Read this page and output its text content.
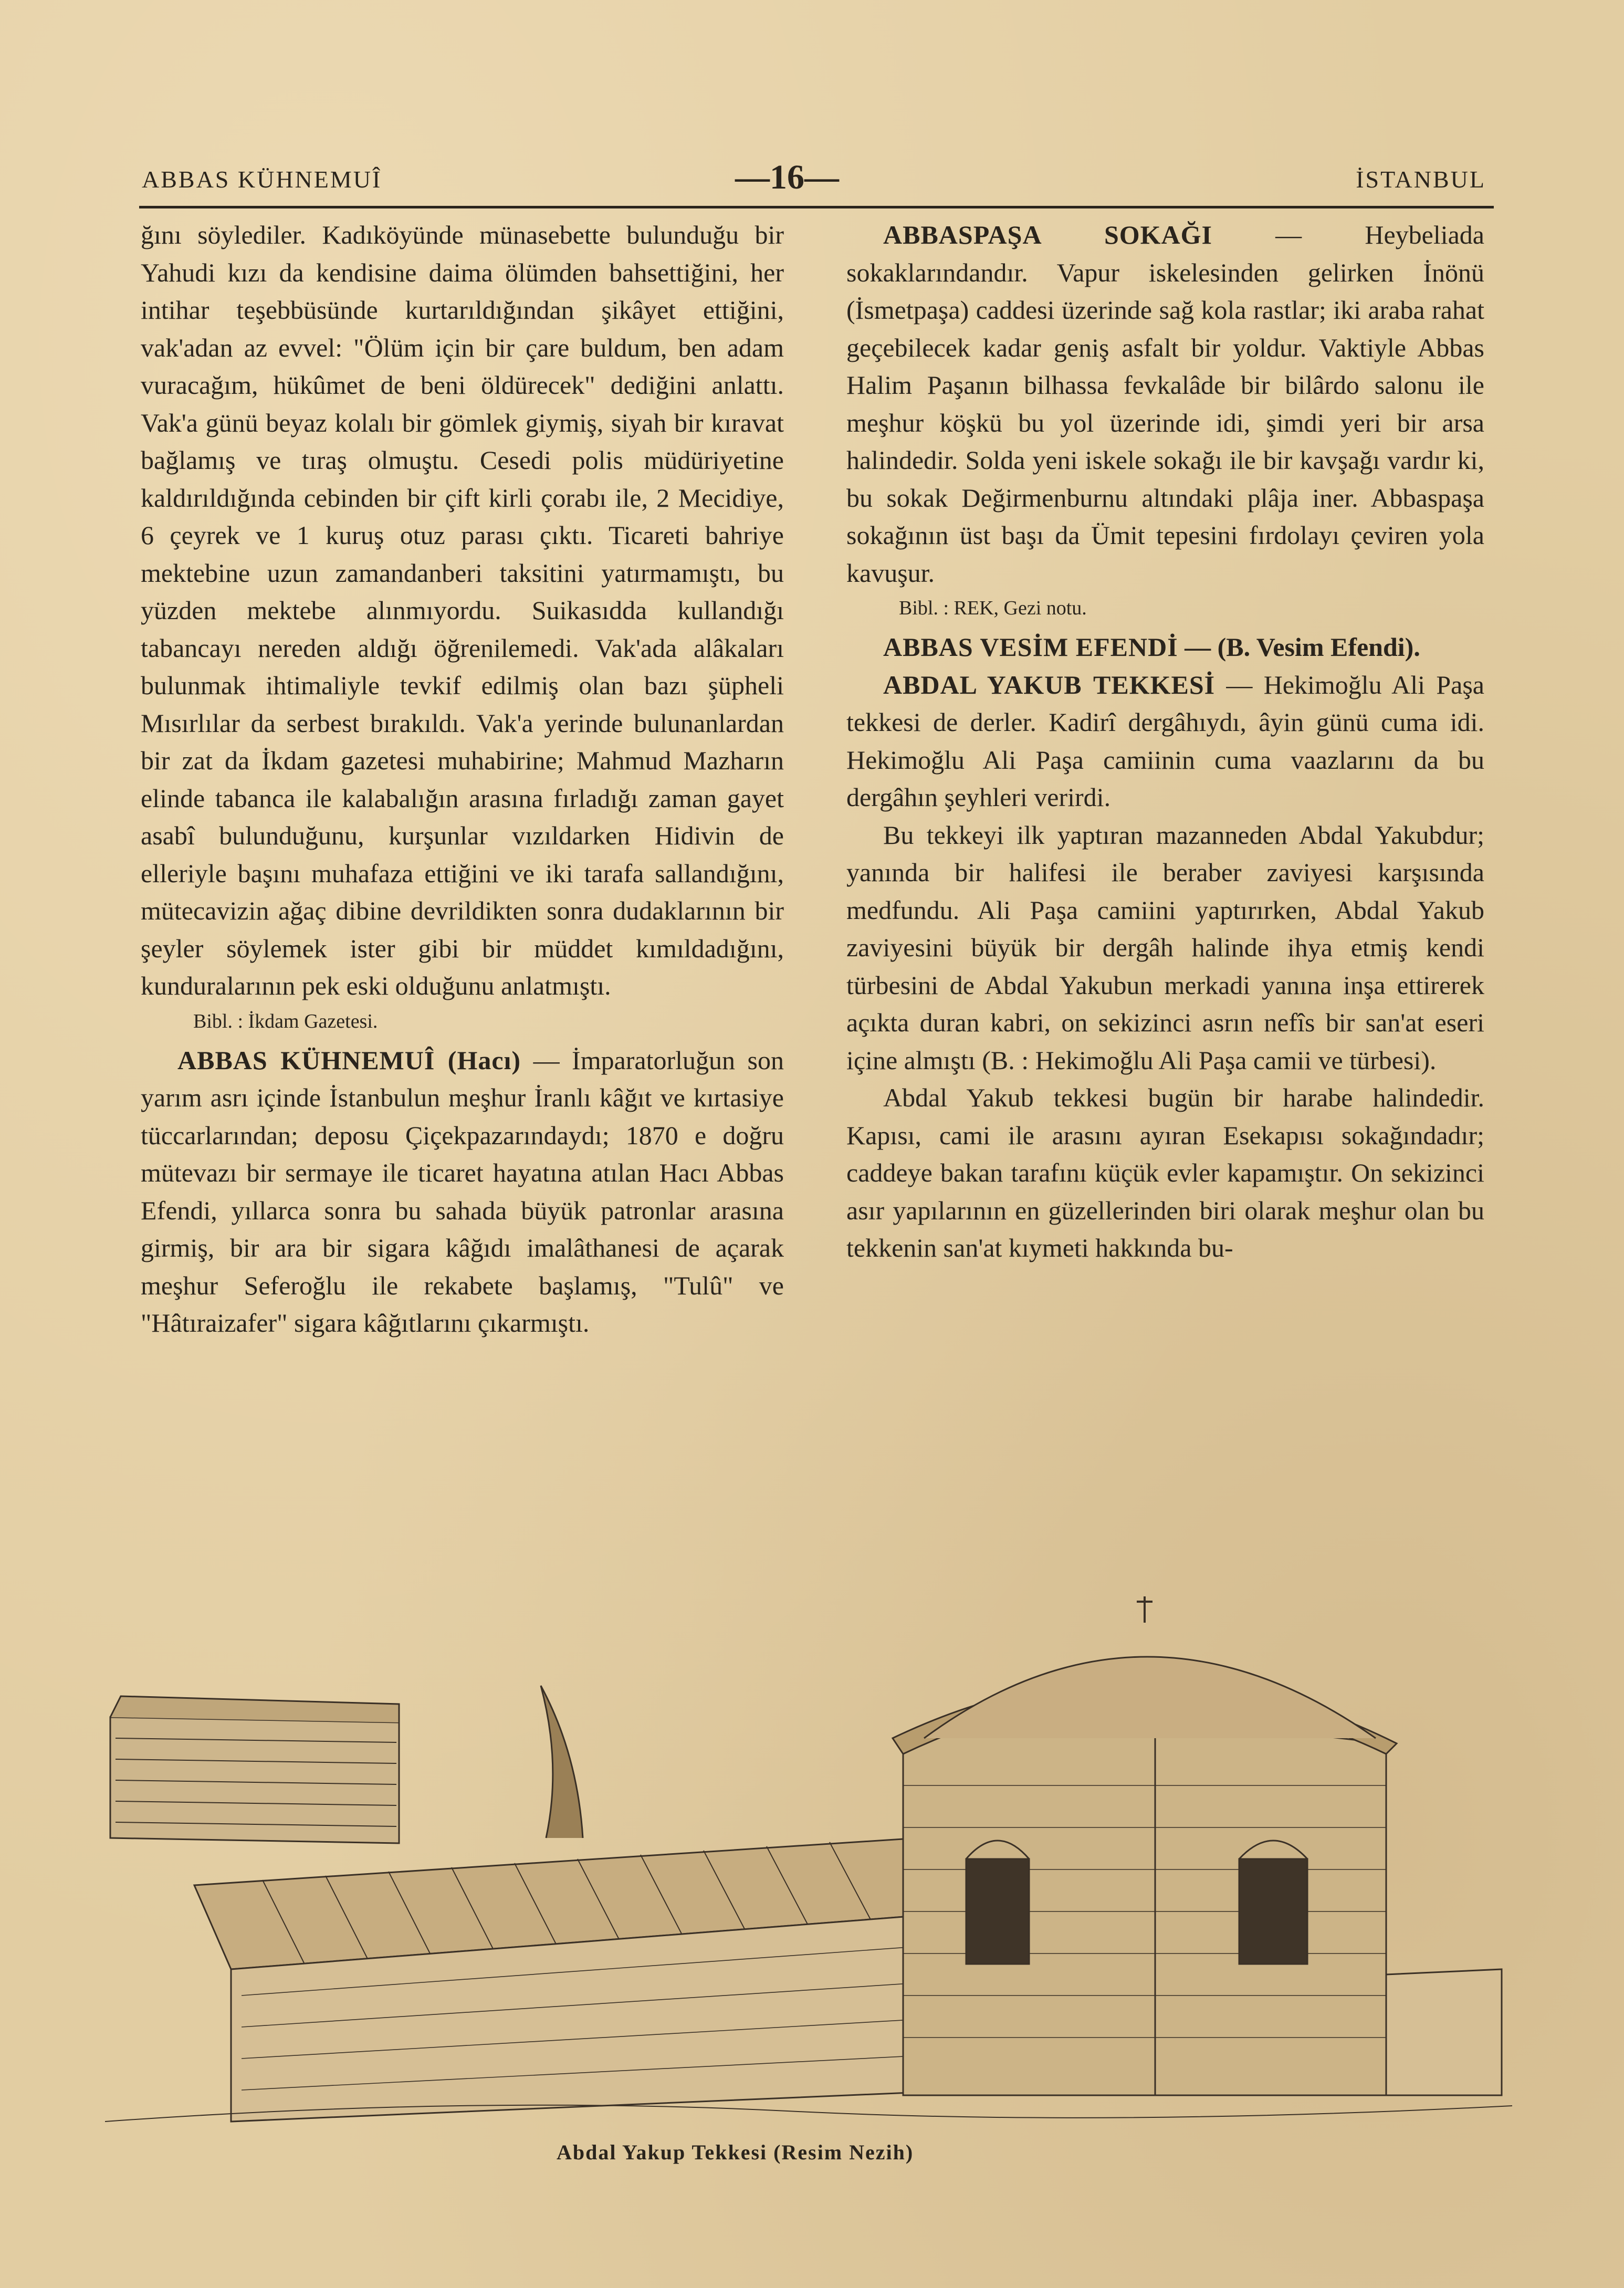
ABBAS KÜHNEMUÎ	—16—	İSTANBUL

ğını söylediler. Kadıköyünde münasebette bulunduğu bir Yahudi kızı da kendisine daima ölümden bahsettiğini, her intihar teşebbüsünde kurtarıldığından şikâyet ettiğini, vak'adan az evvel: "Ölüm için bir çare buldum, ben adam vuracağım, hükûmet de beni öldürecek" dediğini anlattı. Vak'a günü beyaz kolalı bir gömlek giymiş, siyah bir kıravat bağlamış ve tıraş olmuştu. Cesedi polis müdüriyetine kaldırıldığında cebinden bir çift kirli çorabı ile, 2 Mecidiye, 6 çeyrek ve 1 kuruş otuz parası çıktı. Ticareti bahriye mektebine uzun zamandanberi taksitini yatırmamıştı, bu yüzden mektebe alınmıyordu. Suikasıdda kullandığı tabancayı nereden aldığı öğrenilemedi. Vak'ada alâkaları bulunmak ihtimaliyle tevkif edilmiş olan bazı şüpheli Mısırlılar da serbest bırakıldı. Vak'a yerinde bulunanlardan bir zat da İkdam gazetesi muhabirine; Mahmud Mazharın elinde tabanca ile kalabalığın arasına fırladığı zaman gayet asabî bulunduğunu, kurşunlar vızıldarken Hidivin de elleriyle başını muhafaza ettiğini ve iki tarafa sallandığını, mütecavizin ağaç dibine devrildikten sonra dudaklarının bir şeyler söylemek ister gibi bir müddet kımıldadığını, kunduralarının pek eski olduğunu anlatmıştı.

Bibl. : İkdam Gazetesi.

ABBAS KÜHNEMUÎ (Hacı) — İmparatorluğun son yarım asrı içinde İstanbulun meşhur İranlı kâğıt ve kırtasiye tüccarlarından; deposu Çiçekpazarındaydı; 1870 e doğru mütevazı bir sermaye ile ticaret hayatına atılan Hacı Abbas Efendi, yıllarca sonra bu sahada büyük patronlar arasına girmiş, bir ara bir sigara kâğıdı imalâthanesi de açarak meşhur Seferoğlu ile rekabete başlamış, "Tulû" ve "Hâtıraizafer" sigara kâğıtlarını çıkarmıştı.

ABBASPAŞA SOKAĞI — Heybeliada sokaklarındandır. Vapur iskelesinden gelirken İnönü (İsmetpaşa) caddesi üzerinde sağ kola rastlar; iki araba rahat geçebilecek kadar geniş asfalt bir yoldur. Vaktiyle Abbas Halim Paşanın bilhassa fevkalâde bir bilârdo salonu ile meşhur köşkü bu yol üzerinde idi, şimdi yeri bir arsa halindedir. Solda yeni iskele sokağı ile bir kavşağı vardır ki, bu sokak Değirmenburnu altındaki plâja iner. Abbaspaşa sokağının üst başı da Ümit tepesini fırdolayı çeviren yola kavuşur.

Bibl. : REK, Gezi notu.

ABBAS VESİM EFENDİ — (B. Vesim Efendi).

ABDAL YAKUB TEKKESİ — Hekimoğlu Ali Paşa tekkesi de derler. Kadirî dergâhıydı, âyin günü cuma idi. Hekimoğlu Ali Paşa camiinin cuma vaazlarını da bu dergâhın şeyhleri verirdi.

Bu tekkeyi ilk yaptıran mazanneden Abdal Yakubdur; yanında bir halifesi ile beraber zaviyesi karşısında medfundu. Ali Paşa camiini yaptırırken, Abdal Yakub zaviyesini büyük bir dergâh halinde ihya etmiş kendi türbesini de Abdal Yakubun merkadi yanına inşa ettirerek açıkta duran kabri, on sekizinci asrın nefîs bir san'at eseri içine almıştı (B. : Hekimoğlu Ali Paşa camii ve türbesi).

Abdal Yakub tekkesi bugün bir harabe halindedir. Kapısı, cami ile arasını ayıran Esekapısı sokağındadır; caddeye bakan tarafını küçük evler kapamıştır. On sekizinci asır yapılarının en güzellerinden biri olarak meşhur olan bu tekkenin san'at kıymeti hakkında bu-

Abdal Yakup Tekkesi (Resim Nezih)
